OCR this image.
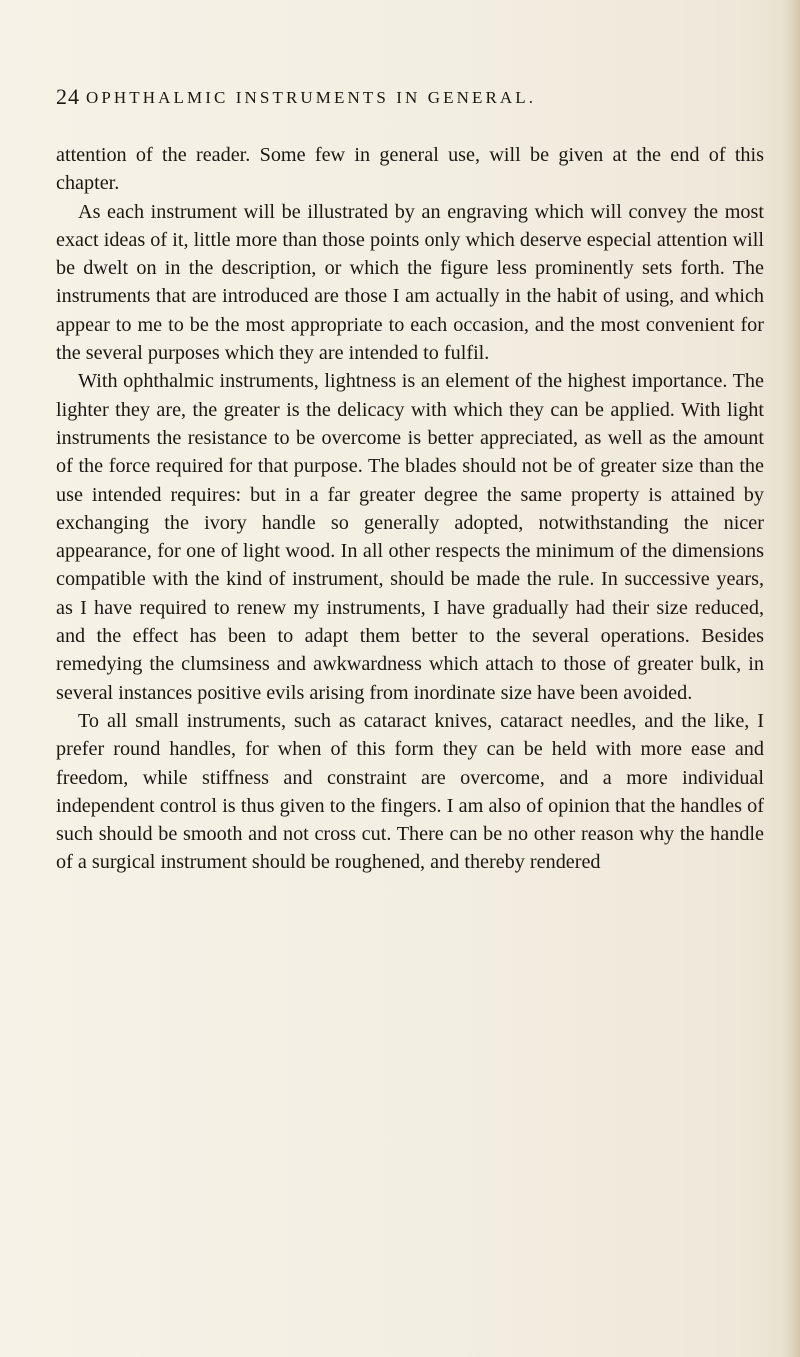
24 OPHTHALMIC INSTRUMENTS IN GENERAL.

attention of the reader. Some few in general use, will be given at the end of this chapter.

As each instrument will be illustrated by an engraving which will convey the most exact ideas of it, little more than those points only which deserve especial attention will be dwelt on in the description, or which the figure less prominently sets forth. The instruments that are introduced are those I am actually in the habit of using, and which appear to me to be the most appropriate to each occasion, and the most convenient for the several purposes which they are intended to fulfil.

With ophthalmic instruments, lightness is an element of the highest importance. The lighter they are, the greater is the delicacy with which they can be applied. With light instruments the resistance to be overcome is better appreciated, as well as the amount of the force required for that purpose. The blades should not be of greater size than the use intended requires: but in a far greater degree the same property is attained by exchanging the ivory handle so generally adopted, notwithstanding the nicer appearance, for one of light wood. In all other respects the minimum of the dimensions compatible with the kind of instrument, should be made the rule. In successive years, as I have required to renew my instruments, I have gradually had their size reduced, and the effect has been to adapt them better to the several operations. Besides remedying the clumsiness and awkwardness which attach to those of greater bulk, in several instances positive evils arising from inordinate size have been avoided.

To all small instruments, such as cataract knives, cataract needles, and the like, I prefer round handles, for when of this form they can be held with more ease and freedom, while stiffness and constraint are overcome, and a more individual independent control is thus given to the fingers. I am also of opinion that the handles of such should be smooth and not cross cut. There can be no other reason why the handle of a surgical instrument should be roughened, and thereby rendered
